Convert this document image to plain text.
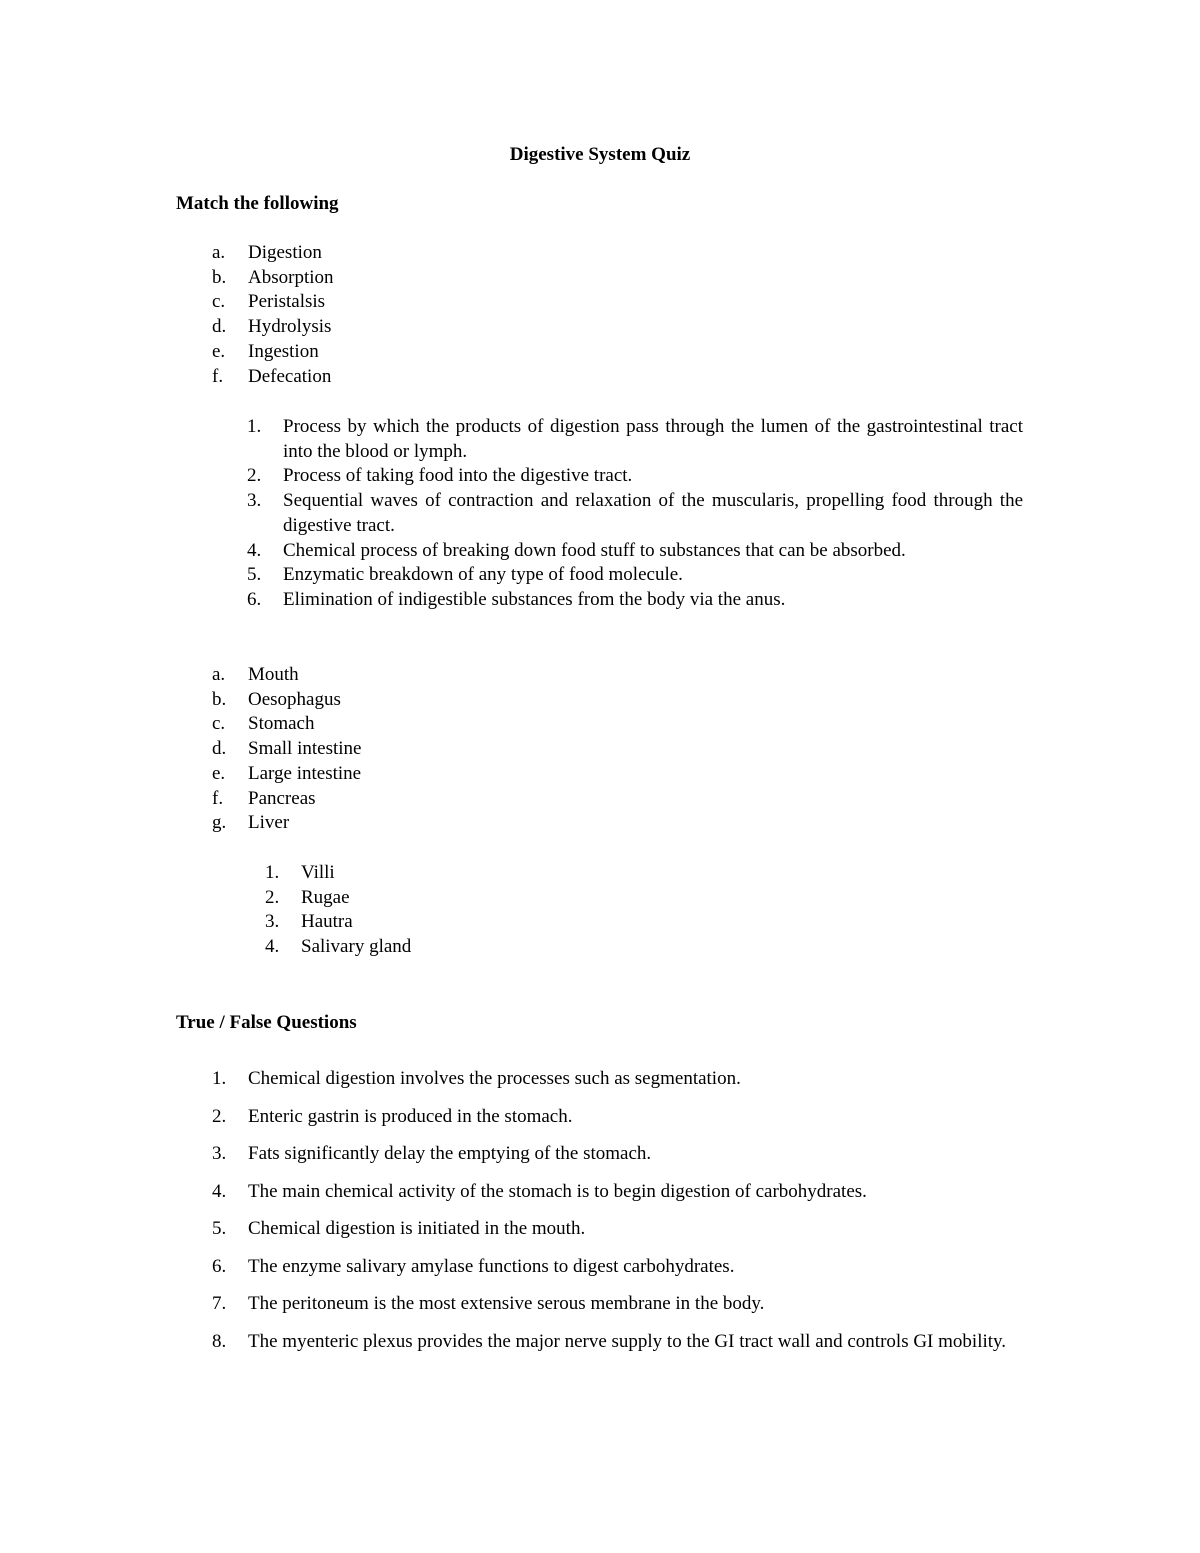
Digestive System Quiz
Match the following
a. Digestion
b. Absorption
c. Peristalsis
d. Hydrolysis
e. Ingestion
f. Defecation
1. Process by which the products of digestion pass through the lumen of the gastrointestinal tract into the blood or lymph.
2. Process of taking food into the digestive tract.
3. Sequential waves of contraction and relaxation of the muscularis, propelling food through the digestive tract.
4. Chemical process of breaking down food stuff to substances that can be absorbed.
5. Enzymatic breakdown of any type of food molecule.
6. Elimination of indigestible substances from the body via the anus.
a. Mouth
b. Oesophagus
c. Stomach
d. Small intestine
e. Large intestine
f. Pancreas
g. Liver
1. Villi
2. Rugae
3. Hautra
4. Salivary gland
True / False Questions
1. Chemical digestion involves the processes such as segmentation.
2. Enteric gastrin is produced in the stomach.
3. Fats significantly delay the emptying of the stomach.
4. The main chemical activity of the stomach is to begin digestion of carbohydrates.
5. Chemical digestion is initiated in the mouth.
6. The enzyme salivary amylase functions to digest carbohydrates.
7. The peritoneum is the most extensive serous membrane in the body.
8. The myenteric plexus provides the major nerve supply to the GI tract wall and controls GI mobility.
